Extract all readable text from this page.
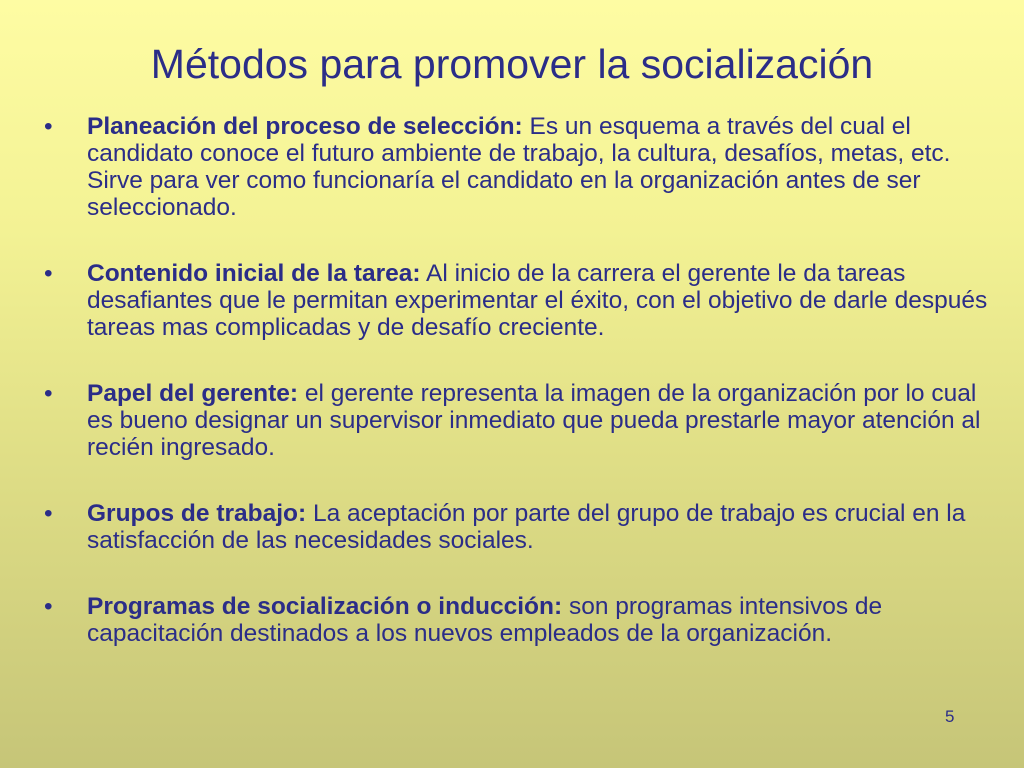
Métodos para promover la socialización
•	Planeación del proceso de selección: Es un esquema a través del cual el candidato conoce el futuro ambiente de trabajo, la cultura, desafíos, metas, etc. Sirve para ver como funcionaría el candidato en la organización antes de ser seleccionado.
•	Contenido inicial de la tarea: Al inicio de la carrera el gerente le da tareas desafiantes que le permitan experimentar el éxito, con el objetivo de darle después tareas mas complicadas y de desafío creciente.
•	Papel del gerente: el gerente representa la imagen de la organización por lo cual es bueno designar un supervisor inmediato que pueda prestarle mayor atención al recién ingresado.
•	Grupos de trabajo: La aceptación por parte del grupo de trabajo es crucial en la satisfacción de las necesidades sociales.
•	Programas de socialización o inducción: son programas intensivos de capacitación destinados a los nuevos empleados de la organización.
5
